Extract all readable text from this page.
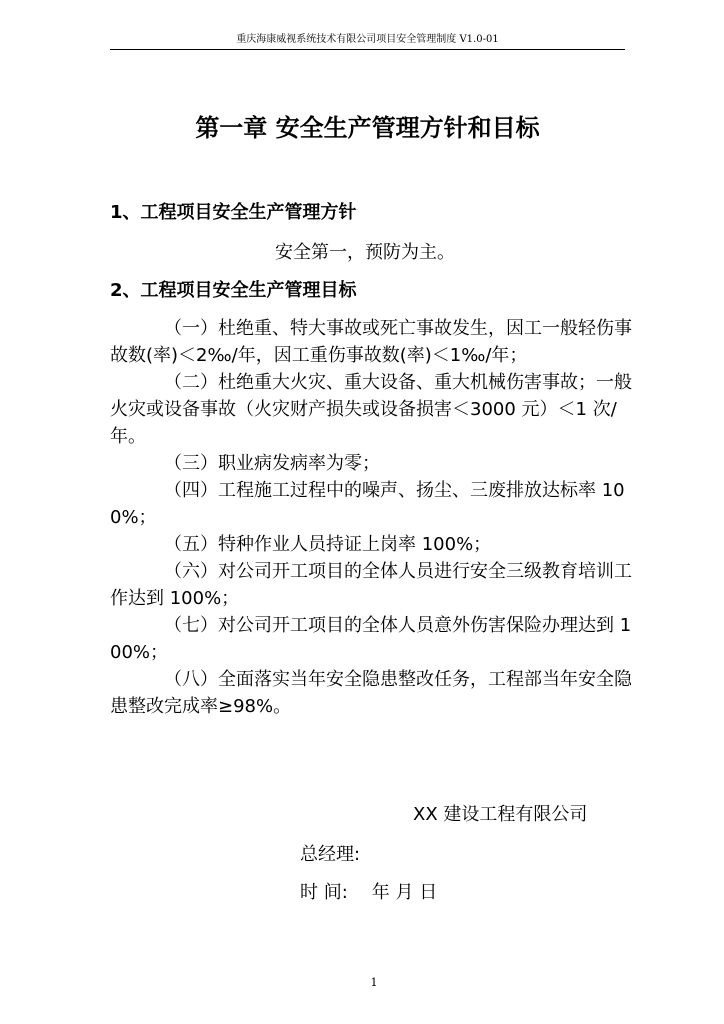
重庆海康威视系统技术有限公司项目安全管理制度 V1.0-01
第一章 安全生产管理方针和目标
1、工程项目安全生产管理方针

安全第一，预防为主。

2、工程项目安全生产管理目标
（一）杜绝重、特大事故或死亡事故发生，因工一般轻伤事故数(率)＜2‰/年，因工重伤事故数(率)＜1‰/年；
（二）杜绝重大火灾、重大设备、重大机械伤害事故；一般火灾或设备事故（火灾财产损失或设备损害＜3000 元）＜1 次/年。
（三）职业病发病率为零；
（四）工程施工过程中的噪声、扬尘、三废排放达标率 100%；
（五）特种作业人员持证上岗率 100%；
（六）对公司开工项目的全体人员进行安全三级教育培训工作达到 100%；
（七）对公司开工项目的全体人员意外伤害保险办理达到 100%；
（八）全面落实当年安全隐患整改任务，工程部当年安全隐患整改完成率≥98%。

XX 建设工程有限公司

总经理:

时 间: 年 月 日

1
